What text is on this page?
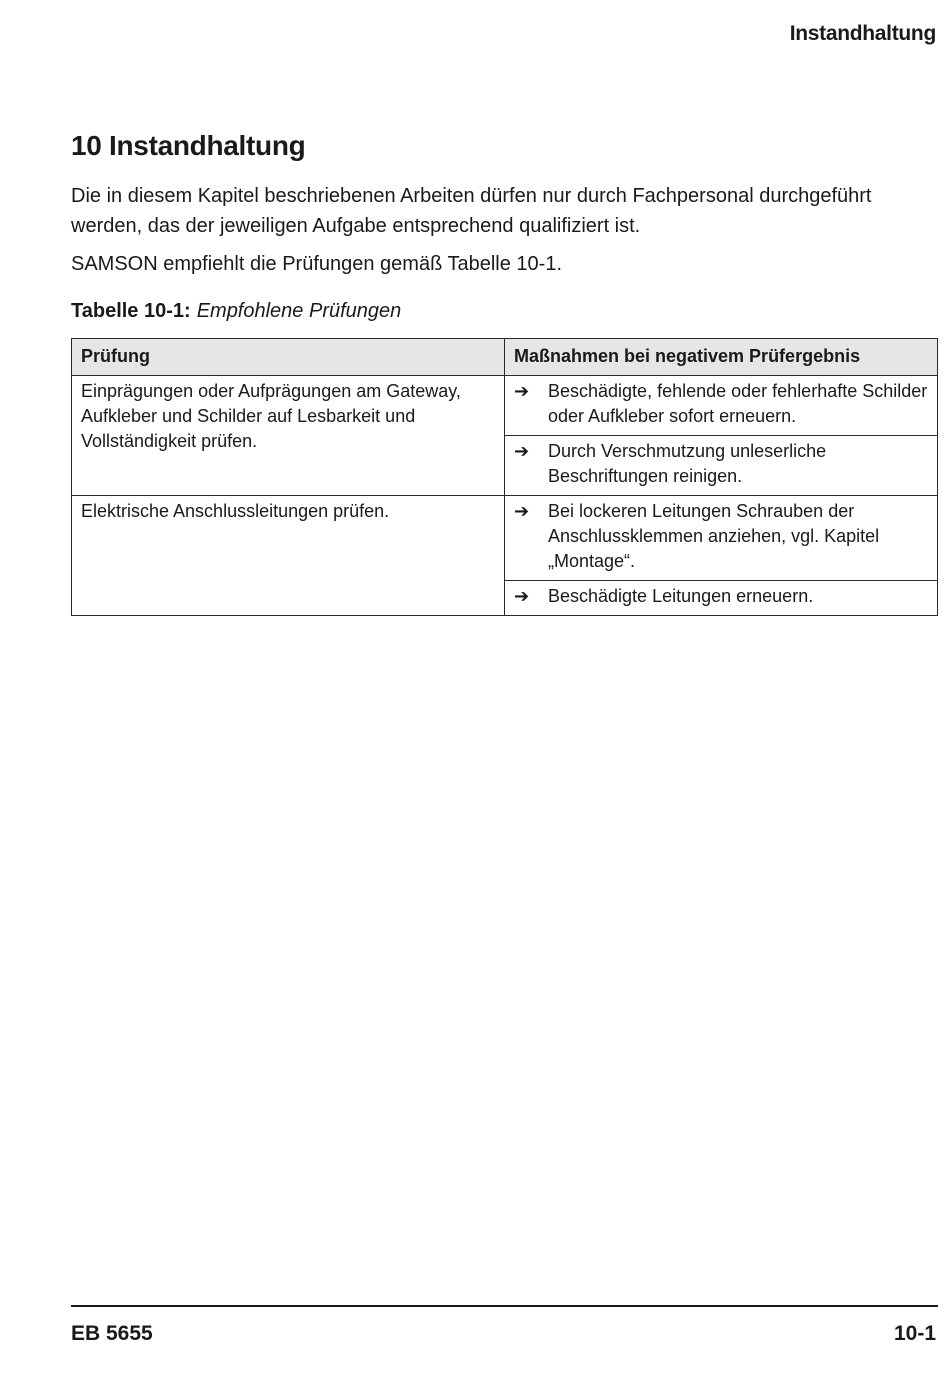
Instandhaltung
10 Instandhaltung

Die in diesem Kapitel beschriebenen Arbeiten dürfen nur durch Fachpersonal durchgeführt werden, das der jeweiligen Aufgabe entsprechend qualifiziert ist.

SAMSON empfiehlt die Prüfungen gemäß Tabelle 10-1.

Tabelle 10-1: Empfohlene Prüfungen
Prüfung	Maßnahmen bei negativem Prüfergebnis
Einprägungen oder Aufprägungen am Gateway, Aufkleber und Schilder auf Lesbarkeit und Vollständigkeit prüfen.	➔ Beschädigte, fehlende oder fehlerhafte Schilder oder Aufkleber sofort erneuern.

	➔ Durch Verschmutzung unleserliche Beschriftungen reinigen.

Elektrische Anschlussleitungen prüfen.	➔ Bei lockeren Leitungen Schrauben der Anschlussklemmen anziehen, vgl. Kapitel „Montage“.

	➔ Beschädigte Leitungen erneuern.
EB 5655	10-1
